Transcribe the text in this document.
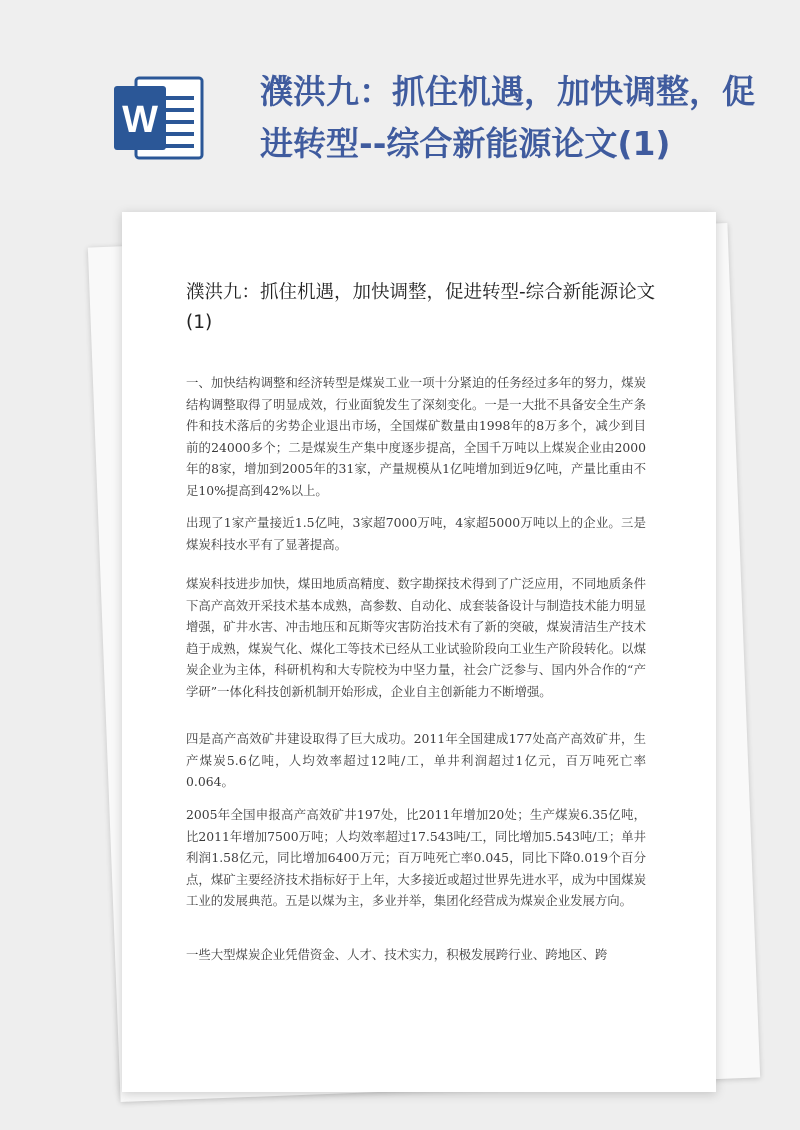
W
濮洪九：抓住机遇，加快调整，促进转型--综合新能源论文(1)
濮洪九：抓住机遇，加快调整，促进转型-综合新能源论文(1)

一、加快结构调整和经济转型是煤炭工业一项十分紧迫的任务经过多年的努力，煤炭结构调整取得了明显成效，行业面貌发生了深刻变化。一是一大批不具备安全生产条件和技术落后的劣势企业退出市场，全国煤矿数量由1998年的8万多个，减少到目前的24000多个；二是煤炭生产集中度逐步提高，全国千万吨以上煤炭企业由2000年的8家，增加到2005年的31家，产量规模从1亿吨增加到近9亿吨，产量比重由不足10%提高到42%以上。

出现了1家产量接近1.5亿吨，3家超7000万吨，4家超5000万吨以上的企业。三是煤炭科技水平有了显著提高。

煤炭科技进步加快，煤田地质高精度、数字勘探技术得到了广泛应用，不同地质条件下高产高效开采技术基本成熟，高参数、自动化、成套装备设计与制造技术能力明显增强，矿井水害、冲击地压和瓦斯等灾害防治技术有了新的突破，煤炭清洁生产技术趋于成熟，煤炭气化、煤化工等技术已经从工业试验阶段向工业生产阶段转化。以煤炭企业为主体，科研机构和大专院校为中坚力量，社会广泛参与、国内外合作的“产学研”一体化科技创新机制开始形成，企业自主创新能力不断增强。

四是高产高效矿井建设取得了巨大成功。2011年全国建成177处高产高效矿井，生产煤炭5.6亿吨，人均效率超过12吨/工，单井利润超过1亿元，百万吨死亡率0.064。

2005年全国申报高产高效矿井197处，比2011年增加20处；生产煤炭6.35亿吨，比2011年增加7500万吨；人均效率超过17.543吨/工，同比增加5.543吨/工；单井利润1.58亿元，同比增加6400万元；百万吨死亡率0.045，同比下降0.019个百分点，煤矿主要经济技术指标好于上年，大多接近或超过世界先进水平，成为中国煤炭工业的发展典范。五是以煤为主，多业并举，集团化经营成为煤炭企业发展方向。

一些大型煤炭企业凭借资金、人才、技术实力，积极发展跨行业、跨地区、跨
